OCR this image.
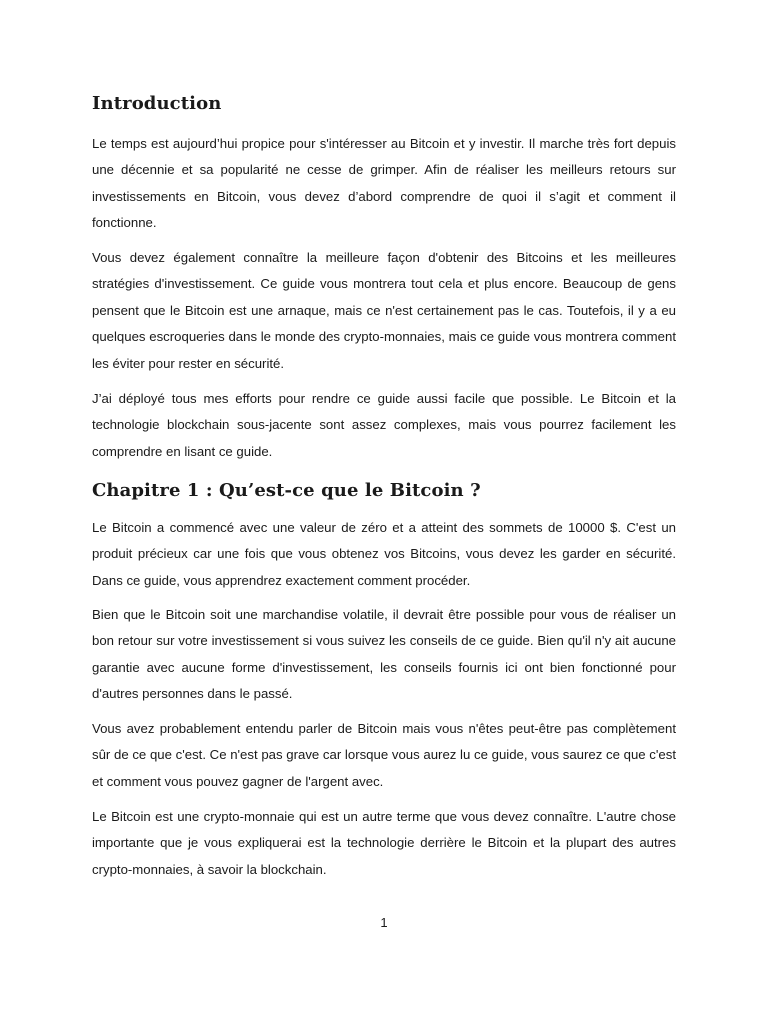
Introduction

Le temps est aujourd’hui propice pour s'intéresser au Bitcoin et y investir. Il marche très fort depuis une décennie et sa popularité ne cesse de grimper. Afin de réaliser les meilleurs retours sur investissements en Bitcoin, vous devez d’abord comprendre de quoi il s’agit et comment il fonctionne.

Vous devez également connaître la meilleure façon d'obtenir des Bitcoins et les meilleures stratégies d'investissement. Ce guide vous montrera tout cela et plus encore. Beaucoup de gens pensent que le Bitcoin est une arnaque, mais ce n'est certainement pas le cas. Toutefois, il y a eu quelques escroqueries dans le monde des crypto-monnaies, mais ce guide vous montrera comment les éviter pour rester en sécurité.

J’ai déployé tous mes efforts pour rendre ce guide aussi facile que possible. Le Bitcoin et la technologie blockchain sous-jacente sont assez complexes, mais vous pourrez facilement les comprendre en lisant ce guide.

Chapitre 1 : Qu’est-ce que le Bitcoin ?

Le Bitcoin a commencé avec une valeur de zéro et a atteint des sommets de 10000 $. C'est un produit précieux car une fois que vous obtenez vos Bitcoins, vous devez les garder en sécurité. Dans ce guide, vous apprendrez exactement comment procéder.

Bien que le Bitcoin soit une marchandise volatile, il devrait être possible pour vous de réaliser un bon retour sur votre investissement si vous suivez les conseils de ce guide. Bien qu'il n'y ait aucune garantie avec aucune forme d'investissement, les conseils fournis ici ont bien fonctionné pour d'autres personnes dans le passé.

Vous avez probablement entendu parler de Bitcoin mais vous n'êtes peut-être pas complètement sûr de ce que c'est. Ce n'est pas grave car lorsque vous aurez lu ce guide, vous saurez ce que c'est et comment vous pouvez gagner de l'argent avec.

Le Bitcoin est une crypto-monnaie qui est un autre terme que vous devez connaître. L'autre chose importante que je vous expliquerai est la technologie derrière le Bitcoin et la plupart des autres crypto-monnaies, à savoir la blockchain.

1
